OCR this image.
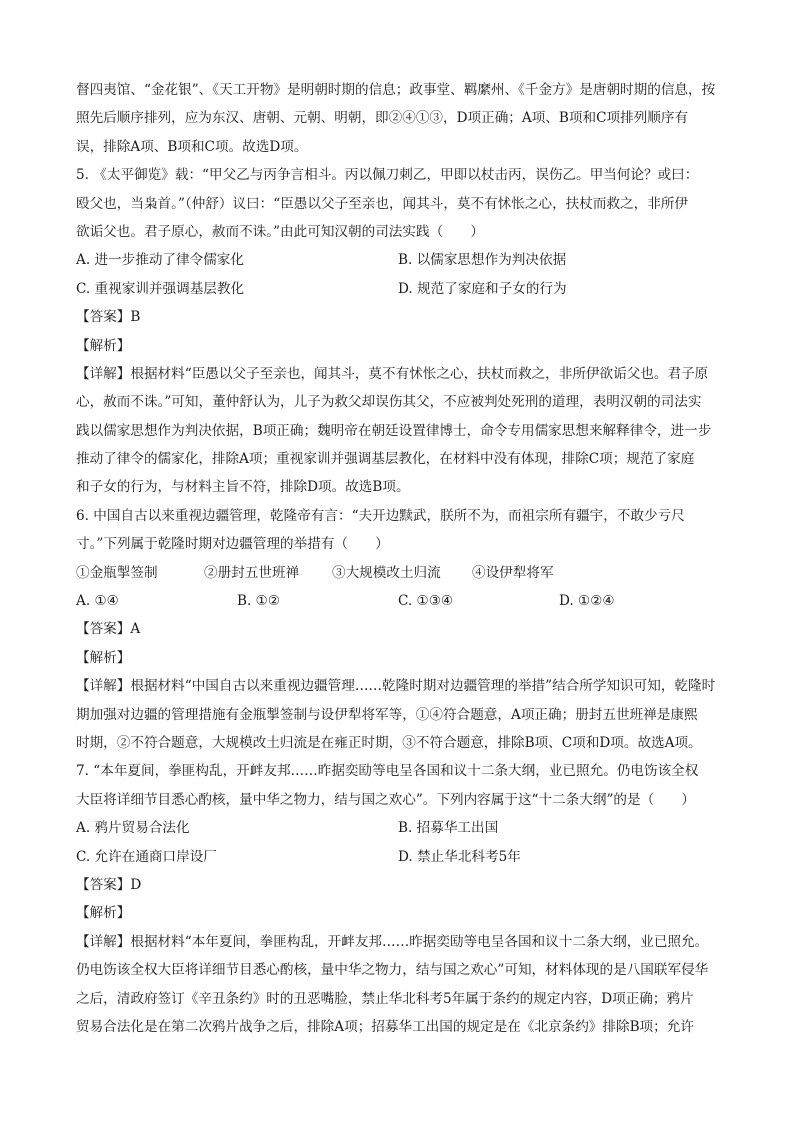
督四夷馆、“金花银”、《天工开物》是明朝时期的信息；政事堂、羁縻州、《千金方》是唐朝时期的信息，按
照先后顺序排列，应为东汉、唐朝、元朝、明朝，即②④①③，D项正确；A项、B项和C项排列顺序有
误，排除A项、B项和C项。故选D项。
5. 《太平御览》载：“甲父乙与丙争言相斗。丙以佩刀刺乙，甲即以杖击丙，误伤乙。甲当何论？或曰：
殴父也，当枭首。”（仲舒）议曰：“臣愚以父子至亲也，闻其斗，莫不有怵怅之心，扶杖而救之，非所伊
欲诟父也。君子原心，赦而不诛。”由此可知汉朝的司法实践（　　）
A. 进一步推动了律令儒家化	B. 以儒家思想作为判决依据
C. 重视家训并强调基层教化	D. 规范了家庭和子女的行为
【答案】B
【解析】
【详解】根据材料“臣愚以父子至亲也，闻其斗，莫不有怵怅之心，扶杖而救之，非所伊欲诟父也。君子原
心，赦而不诛。”可知，董仲舒认为，儿子为救父却误伤其父，不应被判处死刑的道理，表明汉朝的司法实
践以儒家思想作为判决依据，B项正确；魏明帝在朝廷设置律博士，命令专用儒家思想来解释律令，进一步
推动了律令的儒家化，排除A项；重视家训并强调基层教化，在材料中没有体现，排除C项；规范了家庭
和子女的行为，与材料主旨不符，排除D项。故选B项。
6. 中国自古以来重视边疆管理，乾隆帝有言：“夫开边黩武，朕所不为，而祖宗所有疆宇，不敢少亏尺
寸。”下列属于乾隆时期对边疆管理的举措有（　　）
①金瓶掣签制	②册封五世班禅	③大规模改土归流	④设伊犁将军
A. ①④	B. ①②	C. ①③④	D. ①②④
【答案】A
【解析】
【详解】根据材料“中国自古以来重视边疆管理……乾隆时期对边疆管理的举措”结合所学知识可知，乾隆时
期加强对边疆的管理措施有金瓶掣签制与设伊犁将军等，①④符合题意，A项正确；册封五世班禅是康熙
时期，②不符合题意，大规模改土归流是在雍正时期，③不符合题意，排除B项、C项和D项。故选A项。
7. “本年夏间，拳匪构乱，开衅友邦……昨据奕劻等电呈各国和议十二条大纲，业已照允。仍电饬该全权
大臣将详细节目悉心酌核，量中华之物力，结与国之欢心”。下列内容属于这“十二条大纲”的是（　　）
A. 鸦片贸易合法化	B. 招募华工出国
C. 允许在通商口岸设厂	D. 禁止华北科考5年
【答案】D
【解析】
【详解】根据材料“本年夏间，拳匪构乱，开衅友邦……昨据奕劻等电呈各国和议十二条大纲，业已照允。
仍电饬该全权大臣将详细节目悉心酌核，量中华之物力，结与国之欢心”可知，材料体现的是八国联军侵华
之后，清政府签订《辛丑条约》时的丑恶嘴脸，禁止华北科考5年属于条约的规定内容，D项正确；鸦片
贸易合法化是在第二次鸦片战争之后，排除A项；招募华工出国的规定是在《北京条约》排除B项；允许
